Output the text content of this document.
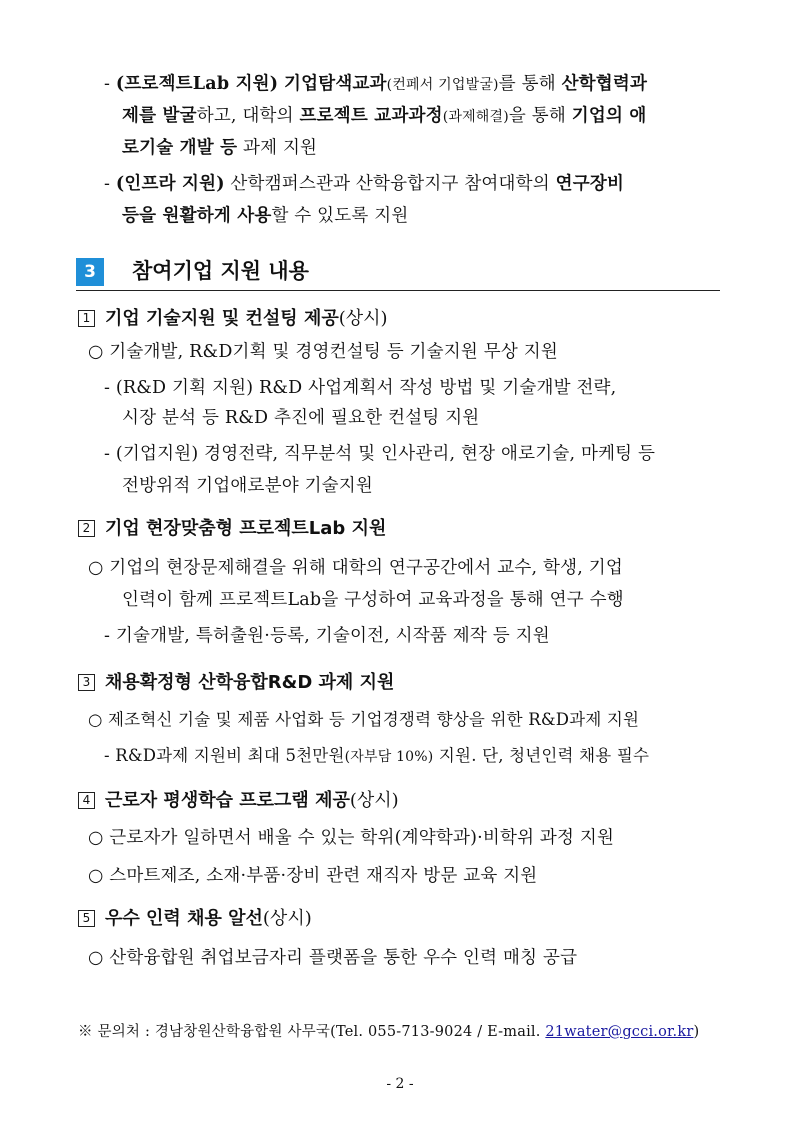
- (프로젝트Lab 지원) 기업탐색교과(컨페서 기업발굴)를 통해 산학협력과
제를 발굴하고, 대학의 프로젝트 교과과정(과제해결)을 통해 기업의 애
로기술 개발 등 과제 지원
- (인프라 지원) 산학캠퍼스관과 산학융합지구 참여대학의 연구장비
등을 원활하게 사용할 수 있도록 지원
3	참여기업 지원 내용
1 기업 기술지원 및 컨설팅 제공(상시)
○ 기술개발, R&D기획 및 경영컨설팅 등 기술지원 무상 지원
- (R&D 기획 지원) R&D 사업계획서 작성 방법 및 기술개발 전략,
시장 분석 등 R&D 추진에 필요한 컨설팅 지원
- (기업지원) 경영전략, 직무분석 및 인사관리, 현장 애로기술, 마케팅 등
전방위적 기업애로분야 기술지원
2 기업 현장맞춤형 프로젝트Lab 지원
○ 기업의 현장문제해결을 위해 대학의 연구공간에서 교수, 학생, 기업
인력이 함께 프로젝트Lab을 구성하여 교육과정을 통해 연구 수행
- 기술개발, 특허출원·등록, 기술이전, 시작품 제작 등 지원
3 채용확정형 산학융합R&D 과제 지원
○ 제조혁신 기술 및 제품 사업화 등 기업경쟁력 향상을 위한 R&D과제 지원
- R&D과제 지원비 최대 5천만원(자부담 10%) 지원. 단, 청년인력 채용 필수
4 근로자 평생학습 프로그램 제공(상시)
○ 근로자가 일하면서 배울 수 있는 학위(계약학과)·비학위 과정 지원
○ 스마트제조, 소재·부품·장비 관련 재직자 방문 교육 지원
5 우수 인력 채용 알선(상시)
○ 산학융합원 취업보금자리 플랫폼을 통한 우수 인력 매칭 공급
※ 문의처 : 경남창원산학융합원 사무국(Tel. 055-713-9024 / E-mail. 21water@gcci.or.kr)
- 2 -
